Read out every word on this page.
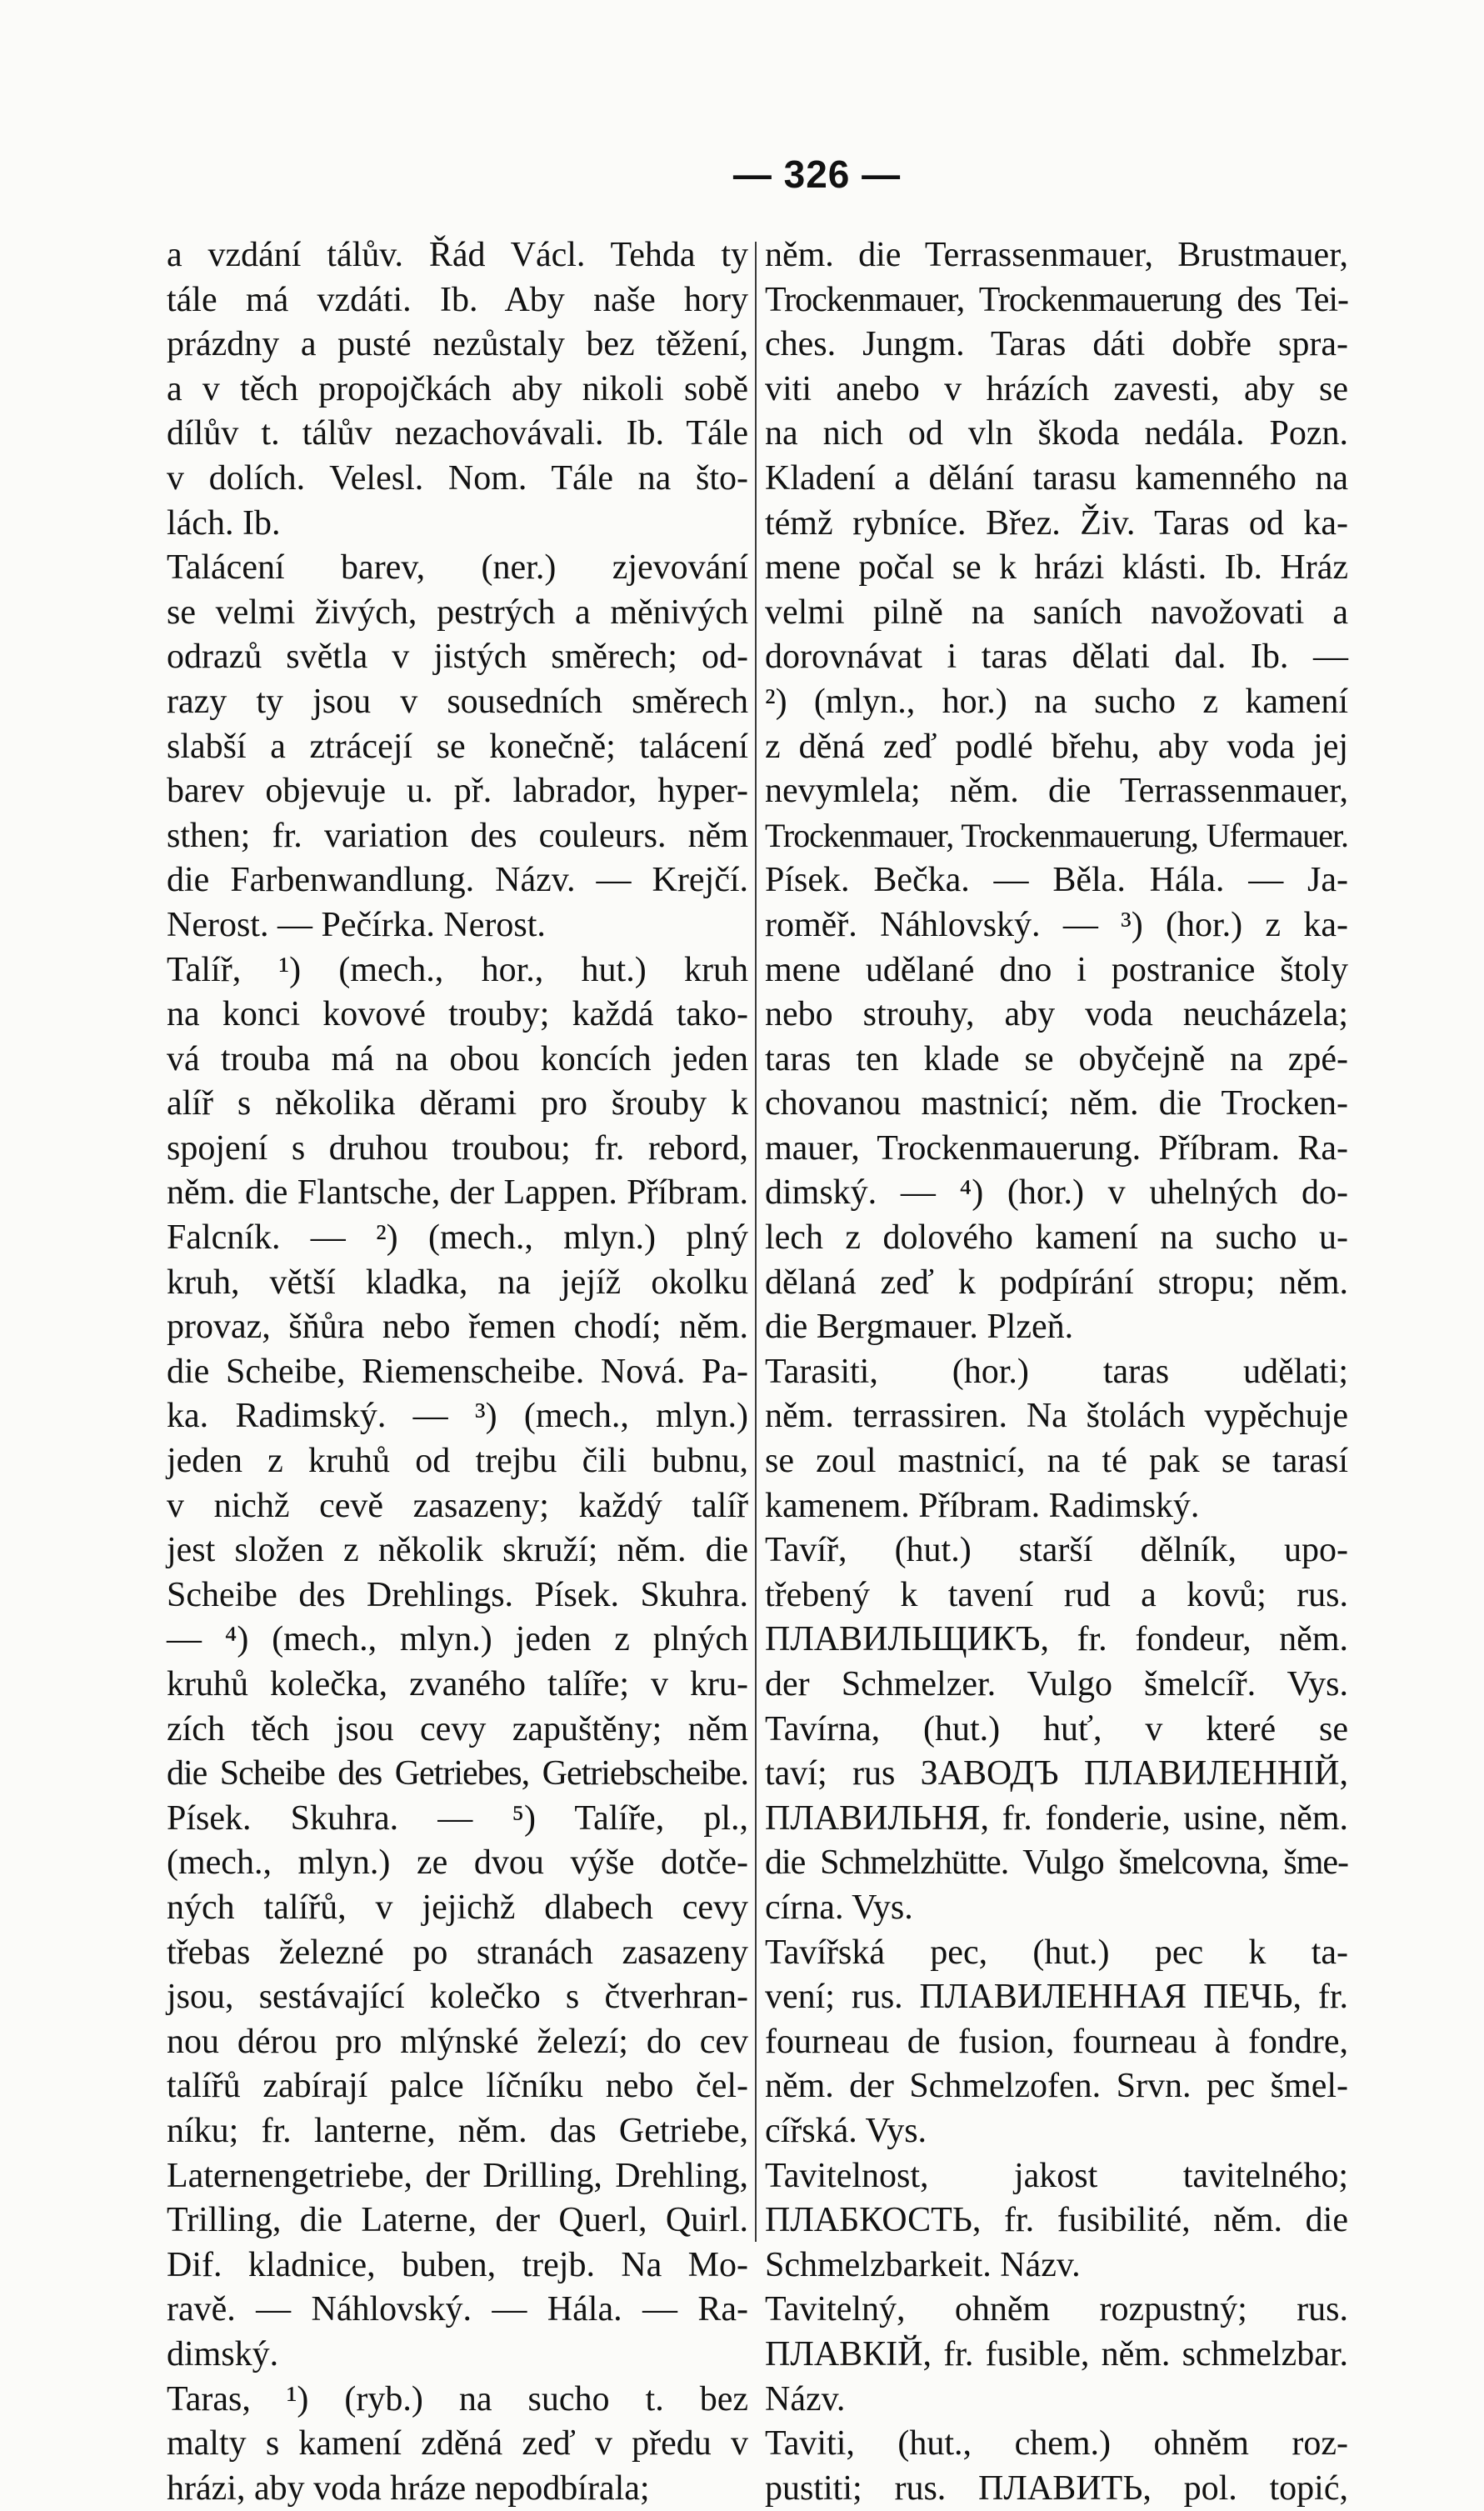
— 326 —
a vzdání tálův. Řád Václ. Tehda ty
tále má vzdáti. Ib. Aby naše hory
prázdny a pusté nezůstaly bez těžení,
a v těch propojčkách aby nikoli sobě
dílův t. tálův nezachovávali. Ib. Tále
v dolích. Velesl. Nom. Tále na što-
lách. Ib.
Talácení barev, (ner.) zjevování
se velmi živých, pestrých a měnivých
odrazů světla v jistých směrech; od-
razy ty jsou v sousedních směrech
slabší a ztrácejí se konečně; talácení
barev objevuje u. př. labrador, hyper-
sthen; fr. variation des couleurs. něm
die Farbenwandlung. Názv. — Krejčí.
Nerost. — Pečírka. Nerost.
Talíř, ¹) (mech., hor., hut.) kruh
na konci kovové trouby; každá tako-
vá trouba má na obou koncích jeden
alíř s několika děrami pro šrouby k
spojení s druhou troubou; fr. rebord,
něm. die Flantsche, der Lappen. Příbram.
Falcník. — ²) (mech., mlyn.) plný
kruh, větší kladka, na jejíž okolku
provaz, šňůra nebo řemen chodí; něm.
die Scheibe, Riemenscheibe. Nová. Pa-
ka. Radimský. — ³) (mech., mlyn.)
jeden z kruhů od trejbu čili bubnu,
v nichž cevě zasazeny; každý talíř
jest složen z několik skruží; něm. die
Scheibe des Drehlings. Písek. Skuhra.
— ⁴) (mech., mlyn.) jeden z plných
kruhů kolečka, zvaného talíře; v kru-
zích těch jsou cevy zapuštěny; něm
die Scheibe des Getriebes, Getriebscheibe.
Písek. Skuhra. — ⁵) Talíře, pl.,
(mech., mlyn.) ze dvou výše dotče-
ných talířů, v jejichž dlabech cevy
třebas železné po stranách zasazeny
jsou, sestávající kolečko s čtverhran-
nou dérou pro mlýnské železí; do cev
talířů zabírají palce líčníku nebo čel-
níku; fr. lanterne, něm. das Getriebe,
Laternengetriebe, der Drilling, Drehling,
Trilling, die Laterne, der Querl, Quirl.
Dif. kladnice, buben, trejb. Na Mo-
ravě. — Náhlovský. — Hála. — Ra-
dimský.
Taras, ¹) (ryb.) na sucho t. bez
malty s kamení zděná zeď v předu v
hrázi, aby voda hráze nepodbírala;
něm. die Terrassenmauer, Brustmauer,
Trockenmauer, Trockenmauerung des Tei-
ches. Jungm. Taras dáti dobře spra-
viti anebo v hrázích zavesti, aby se
na nich od vln škoda nedála. Pozn.
Kladení a dělání tarasu kamenného na
témž rybníce. Břez. Živ. Taras od ka-
mene počal se k hrázi klásti. Ib. Hráz
velmi pilně na saních navožovati a
dorovnávat i taras dělati dal. Ib. —
²) (mlyn., hor.) na sucho z kamení
z děná zeď podlé břehu, aby voda jej
nevymlela; něm. die Terrassenmauer,
Trockenmauer, Trockenmauerung, Ufermauer.
Písek. Bečka. — Běla. Hála. — Ja-
roměř. Náhlovský. — ³) (hor.) z ka-
mene udělané dno i postranice štoly
nebo strouhy, aby voda neucházela;
taras ten klade se obyčejně na zpé-
chovanou mastnicí; něm. die Trocken-
mauer, Trockenmauerung. Příbram. Ra-
dimský. — ⁴) (hor.) v uhelných do-
lech z dolového kamení na sucho u-
dělaná zeď k podpírání stropu; něm.
die Bergmauer. Plzeň.
Tarasiti, (hor.) taras udělati;
něm. terrassiren. Na štolách vypěchuje
se zoul mastnicí, na té pak se tarasí
kamenem. Příbram. Radimský.
Tavíř, (hut.) starší dělník, upo-
třebený k tavení rud a kovů; rus.
ПЛАВИЛЬЩИКЪ, fr. fondeur, něm.
der Schmelzer. Vulgo šmelcíř. Vys.
Tavírna, (hut.) huť, v které se
taví; rus ЗАВОДЪ ПЛАВИЛЕННІЙ,
ПЛАВИЛЬНЯ, fr. fonderie, usine, něm.
die Schmelzhütte. Vulgo šmelcovna, šme-
círna. Vys.
Tavířská pec, (hut.) pec k ta-
vení; rus. ПЛАВИЛЕННАЯ ПЕЧЬ, fr.
fourneau de fusion, fourneau à fondre,
něm. der Schmelzofen. Srvn. pec šmel-
cířská. Vys.
Tavitelnost, jakost tavitelného;
ПЛАБКОСТЬ, fr. fusibilité, něm. die
Schmelzbarkeit. Názv.
Tavitelný, ohněm rozpustný; rus.
ПЛАВКІЙ, fr. fusible, něm. schmelzbar.
Názv.
Taviti, (hut., chem.) ohněm roz-
pustiti; rus. ПЛАВИТЬ, pol. topić,
